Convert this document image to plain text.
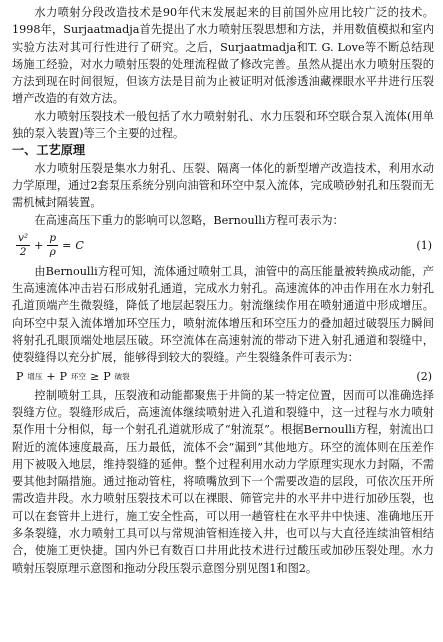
水力喷射分段改造技术是90年代末发展起来的目前国外应用比较广泛的技术。1998年，Surjaatmadja首先提出了水力喷射压裂思想和方法，并用数值模拟和室内实验方法对其可行性进行了研究。之后，Surjaatmadja和T. G. Love等不断总结现场施工经验，对水力喷射压裂的处理流程做了修改完善。虽然从提出水力喷射压裂的方法到现在时间很短，但该方法是目前为止被证明对低渗透油藏裸眼水平井进行压裂增产改造的有效方法。

水力喷射压裂技术一般包括了水力喷射射孔、水力压裂和环空联合泵入流体(用单独的泵入装置)等三个主要的过程。

一、工艺原理

水力喷射压裂是集水力射孔、压裂、隔离一体化的新型增产改造技术，利用水动力学原理，通过2套泵压系统分别向油管和环空中泵入流体，完成喷砂射孔和压裂而无需机械封隔装置。

在高速高压下重力的影响可以忽略，Bernoulli方程可表示为：

$\frac{\text{v²}}{2} + \frac{p}{\rho} = C$	(1)

由Bernoulli方程可知，流体通过喷射工具，油管中的高压能量被转换成动能，产生高速流体冲击岩石形成射孔通道，完成水力射孔。高速流体的冲击作用在水力射孔孔道顶端产生微裂缝，降低了地层起裂压力。射流继续作用在喷射通道中形成增压。向环空中泵入流体增加环空压力，喷射流体增压和环空压力的叠加超过破裂压力瞬间将射孔孔眼顶端处地层压破。环空流体在高速射流的带动下进入射孔通道和裂缝中，使裂缝得以充分扩展，能够得到较大的裂缝。产生裂缝条件可表示为：

P 增压 + P 环空 ≥ P 破裂	(2)

控制喷射工具，压裂液和动能都聚焦于井筒的某一特定位置，因而可以准确选择裂缝方位。裂缝形成后，高速流体继续喷射进入孔道和裂缝中，这一过程与水力喷射泵作用十分相似，每一个射孔孔道就形成了“射流泵”。根据Bernoulli方程，射流出口附近的流体速度最高，压力最低，流体不会“漏到”其他地方。环空的流体则在压差作用下被吸入地层，维持裂缝的延伸。整个过程利用水动力学原理实现水力封隔，不需要其他封隔措施。通过拖动管柱，将喷嘴放到下一个需要改造的层段，可依次压开所需改造井段。水力喷射压裂技术可以在裸眼、筛管完井的水平井中进行加砂压裂，也可以在套管井上进行，施工安全性高，可以用一趟管柱在水平井中快速、准确地压开多条裂缝，水力喷射工具可以与常规油管相连接入井，也可以与大直径连续油管相结合，使施工更快捷。国内外已有数百口井用此技术进行过酸压或加砂压裂处理。水力喷射压裂原理示意图和拖动分段压裂示意图分别见图1和图2。
